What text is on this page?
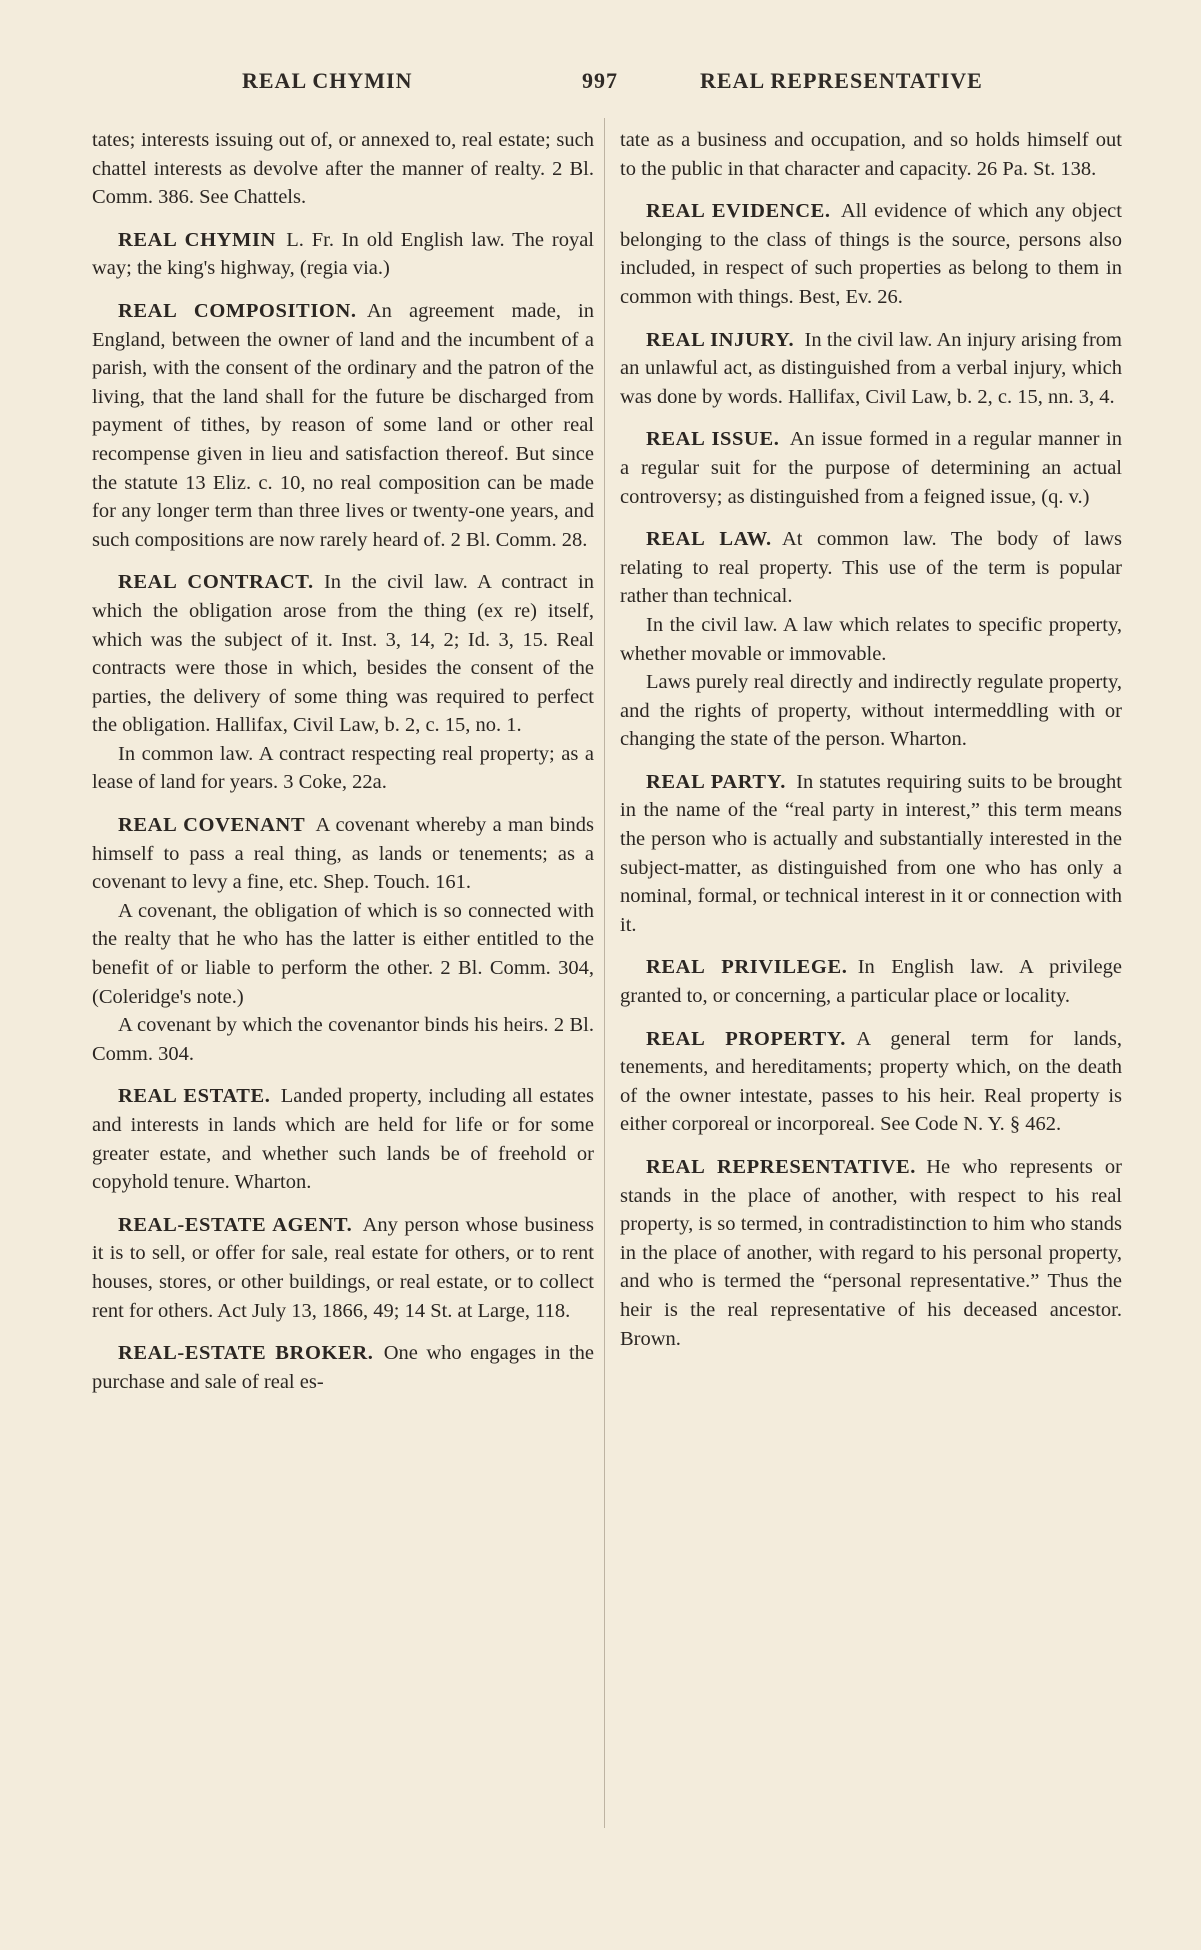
REAL CHYMIN	997	REAL REPRESENTATIVE

tates; interests issuing out of, or annexed to, real estate; such chattel interests as devolve after the manner of realty. 2 Bl. Comm. 386. See Chattels.

REAL CHYMIN  L. Fr. In old English law. The royal way; the king's highway, (regia via.)

REAL COMPOSITION.  An agreement made, in England, between the owner of land and the incumbent of a parish, with the consent of the ordinary and the patron of the living, that the land shall for the future be discharged from payment of tithes, by reason of some land or other real recompense given in lieu and satisfaction thereof. But since the statute 13 Eliz. c. 10, no real composition can be made for any longer term than three lives or twenty-one years, and such compositions are now rarely heard of. 2 Bl. Comm. 28.

REAL CONTRACT.  In the civil law. A contract in which the obligation arose from the thing (ex re) itself, which was the subject of it. Inst. 3, 14, 2; Id. 3, 15. Real contracts were those in which, besides the consent of the parties, the delivery of some thing was required to perfect the obligation. Hallifax, Civil Law, b. 2, c. 15, no. 1.

In common law. A contract respecting real property; as a lease of land for years. 3 Coke, 22a.

REAL COVENANT  A covenant whereby a man binds himself to pass a real thing, as lands or tenements; as a covenant to levy a fine, etc. Shep. Touch. 161.

A covenant, the obligation of which is so connected with the realty that he who has the latter is either entitled to the benefit of or liable to perform the other. 2 Bl. Comm. 304, (Coleridge's note.)

A covenant by which the covenantor binds his heirs. 2 Bl. Comm. 304.

REAL ESTATE.  Landed property, including all estates and interests in lands which are held for life or for some greater estate, and whether such lands be of freehold or copyhold tenure. Wharton.

REAL-ESTATE AGENT.  Any person whose business it is to sell, or offer for sale, real estate for others, or to rent houses, stores, or other buildings, or real estate, or to collect rent for others. Act July 13, 1866, 49; 14 St. at Large, 118.

REAL-ESTATE BROKER.  One who engages in the purchase and sale of real es-

tate as a business and occupation, and so holds himself out to the public in that character and capacity. 26 Pa. St. 138.

REAL EVIDENCE.  All evidence of which any object belonging to the class of things is the source, persons also included, in respect of such properties as belong to them in common with things. Best, Ev. 26.

REAL INJURY.  In the civil law. An injury arising from an unlawful act, as distinguished from a verbal injury, which was done by words. Hallifax, Civil Law, b. 2, c. 15, nn. 3, 4.

REAL ISSUE.  An issue formed in a regular manner in a regular suit for the purpose of determining an actual controversy; as distinguished from a feigned issue, (q. v.)

REAL LAW.  At common law. The body of laws relating to real property. This use of the term is popular rather than technical.

In the civil law. A law which relates to specific property, whether movable or immovable.

Laws purely real directly and indirectly regulate property, and the rights of property, without intermeddling with or changing the state of the person. Wharton.

REAL PARTY.  In statutes requiring suits to be brought in the name of the “real party in interest,” this term means the person who is actually and substantially interested in the subject-matter, as distinguished from one who has only a nominal, formal, or technical interest in it or connection with it.

REAL PRIVILEGE.  In English law. A privilege granted to, or concerning, a particular place or locality.

REAL PROPERTY.  A general term for lands, tenements, and hereditaments; property which, on the death of the owner intestate, passes to his heir. Real property is either corporeal or incorporeal. See Code N. Y. § 462.

REAL REPRESENTATIVE.  He who represents or stands in the place of another, with respect to his real property, is so termed, in contradistinction to him who stands in the place of another, with regard to his personal property, and who is termed the “personal representative.” Thus the heir is the real representative of his deceased ancestor. Brown.
